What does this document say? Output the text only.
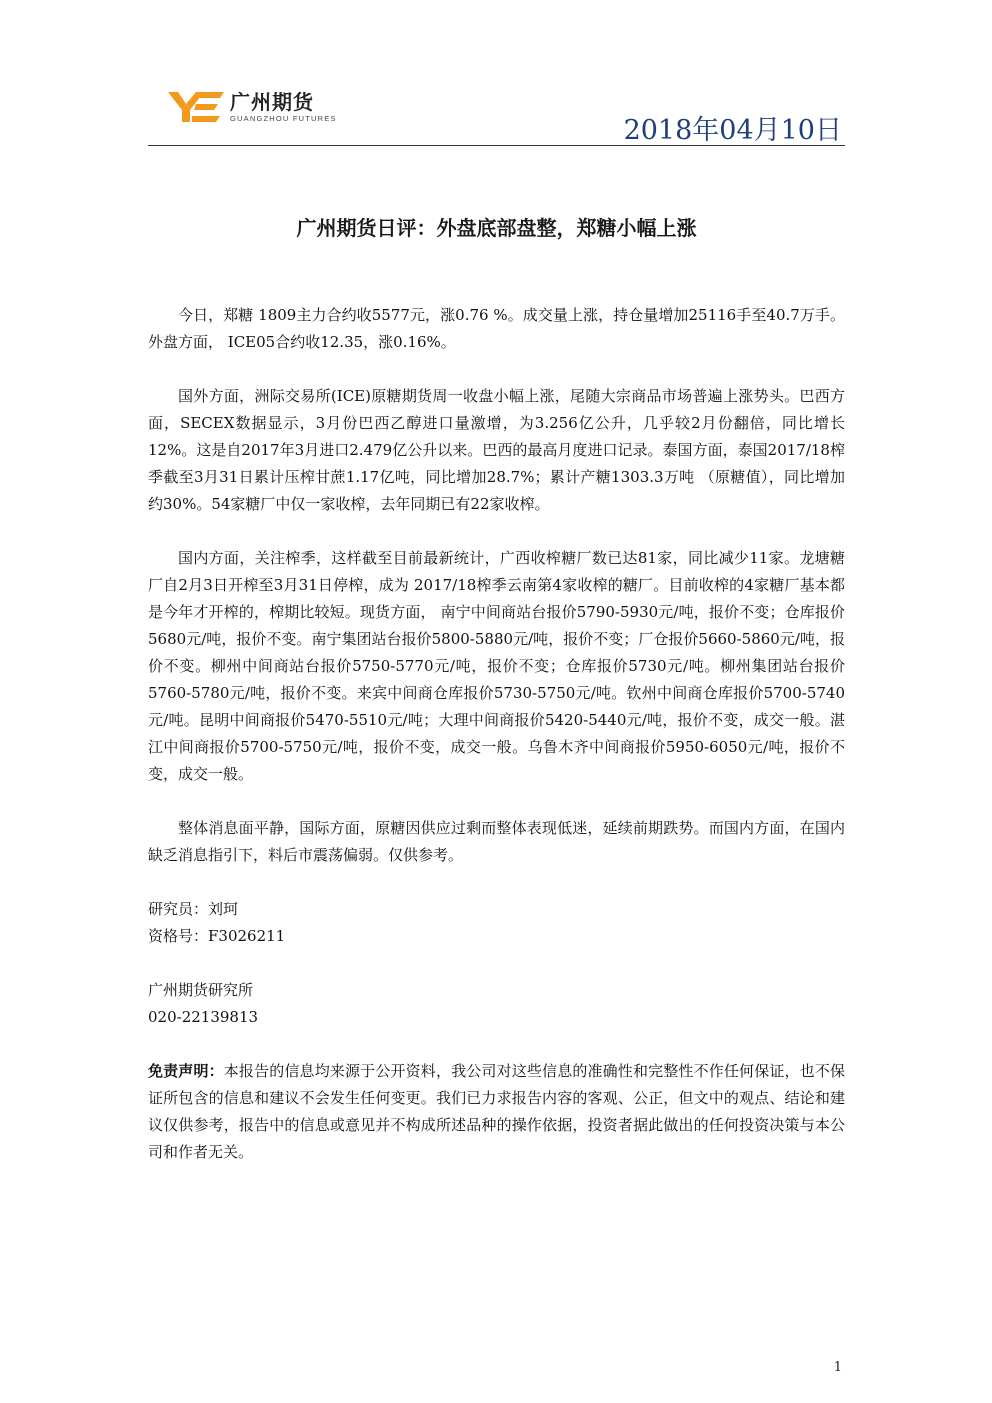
广州期货
GUANGZHOU FUTURES	2018年04月10日
广州期货日评：外盘底部盘整，郑糖小幅上涨

今日，郑糖 1809主力合约收5577元，涨0.76 %。成交量上涨，持仓量增加25116手至40.7万手。外盘方面， ICE05合约收12.35，涨0.16%。

国外方面，洲际交易所(ICE)原糖期货周一收盘小幅上涨，尾随大宗商品市场普遍上涨势头。巴西方面，SECEX数据显示，3月份巴西乙醇进口量激增，为3.256亿公升，几乎较2月份翻倍，同比增长12%。这是自2017年3月进口2.479亿公升以来。巴西的最高月度进口记录。泰国方面，泰国2017/18榨季截至3月31日累计压榨甘蔗1.17亿吨，同比增加28.7%；累计产糖1303.3万吨 （原糖值），同比增加约30%。54家糖厂中仅一家收榨，去年同期已有22家收榨。

国内方面，关注榨季，这样截至目前最新统计，广西收榨糖厂数已达81家，同比减少11家。龙塘糖厂自2月3日开榨至3月31日停榨，成为 2017/18榨季云南第4家收榨的糖厂。目前收榨的4家糖厂基本都是今年才开榨的，榨期比较短。现货方面， 南宁中间商站台报价5790-5930元/吨，报价不变；仓库报价5680元/吨，报价不变。南宁集团站台报价5800-5880元/吨，报价不变；厂仓报价5660-5860元/吨，报价不变。柳州中间商站台报价5750-5770元/吨，报价不变；仓库报价5730元/吨。柳州集团站台报价5760-5780元/吨，报价不变。来宾中间商仓库报价5730-5750元/吨。钦州中间商仓库报价5700-5740元/吨。昆明中间商报价5470-5510元/吨；大理中间商报价5420-5440元/吨，报价不变，成交一般。湛江中间商报价5700-5750元/吨，报价不变，成交一般。乌鲁木齐中间商报价5950-6050元/吨，报价不变，成交一般。

整体消息面平静，国际方面，原糖因供应过剩而整体表现低迷，延续前期跌势。而国内方面，在国内缺乏消息指引下，料后市震荡偏弱。仅供参考。

研究员：刘珂

资格号：F3026211

广州期货研究所

020-22139813

免责声明：本报告的信息均来源于公开资料，我公司对这些信息的准确性和完整性不作任何保证，也不保证所包含的信息和建议不会发生任何变更。我们已力求报告内容的客观、公正，但文中的观点、结论和建议仅供参考，报告中的信息或意见并不构成所述品种的操作依据，投资者据此做出的任何投资决策与本公司和作者无关。

1
